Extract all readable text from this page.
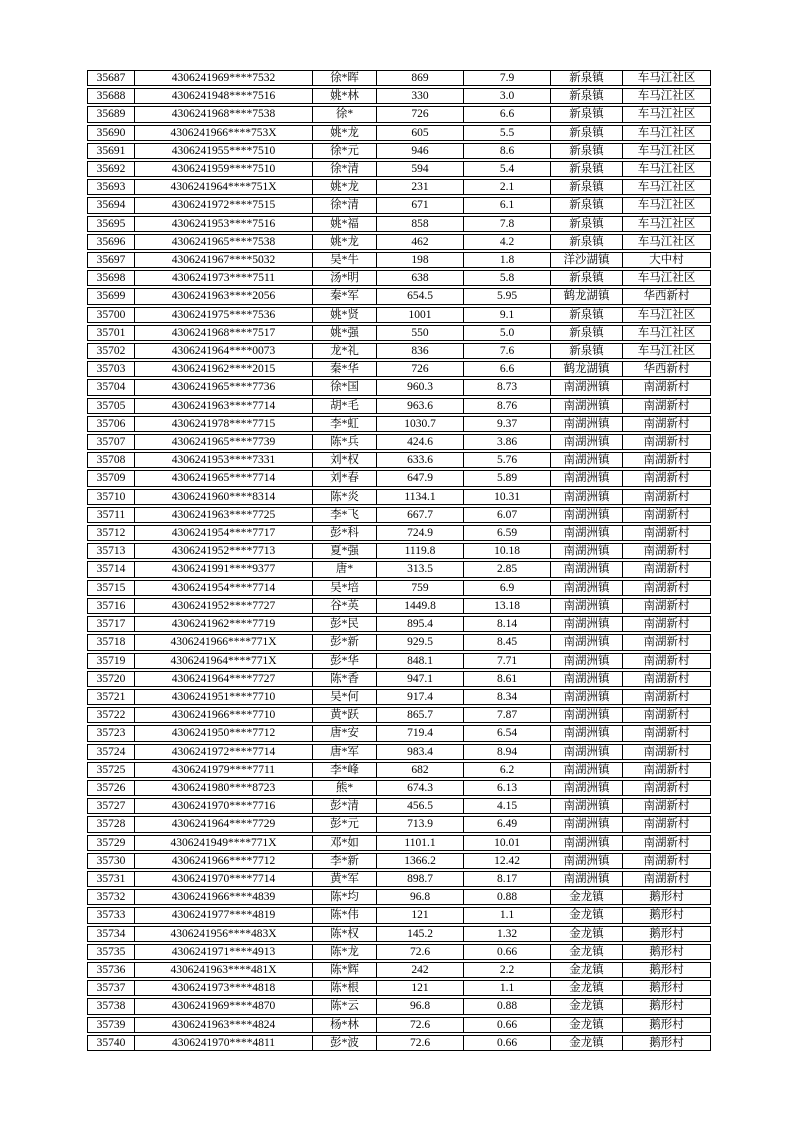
35687	4306241969****7532	徐*晖	869	7.9	新泉镇	车马江社区
35688	4306241948****7516	姚*林	330	3.0	新泉镇	车马江社区
35689	4306241968****7538	徐*	726	6.6	新泉镇	车马江社区
35690	4306241966****753X	姚*龙	605	5.5	新泉镇	车马江社区
35691	4306241955****7510	徐*元	946	8.6	新泉镇	车马江社区
35692	4306241959****7510	徐*清	594	5.4	新泉镇	车马江社区
35693	4306241964****751X	姚*龙	231	2.1	新泉镇	车马江社区
35694	4306241972****7515	徐*清	671	6.1	新泉镇	车马江社区
35695	4306241953****7516	姚*福	858	7.8	新泉镇	车马江社区
35696	4306241965****7538	姚*龙	462	4.2	新泉镇	车马江社区
35697	4306241967****5032	吴*牛	198	1.8	洋沙湖镇	大中村
35698	4306241973****7511	汤*明	638	5.8	新泉镇	车马江社区
35699	4306241963****2056	秦*军	654.5	5.95	鹤龙湖镇	华西新村
35700	4306241975****7536	姚*贤	1001	9.1	新泉镇	车马江社区
35701	4306241968****7517	姚*强	550	5.0	新泉镇	车马江社区
35702	4306241964****0073	龙*礼	836	7.6	新泉镇	车马江社区
35703	4306241962****2015	秦*华	726	6.6	鹤龙湖镇	华西新村
35704	4306241965****7736	徐*国	960.3	8.73	南湖洲镇	南湖新村
35705	4306241963****7714	胡*毛	963.6	8.76	南湖洲镇	南湖新村
35706	4306241978****7715	李*虹	1030.7	9.37	南湖洲镇	南湖新村
35707	4306241965****7739	陈*兵	424.6	3.86	南湖洲镇	南湖新村
35708	4306241953****7331	刘*权	633.6	5.76	南湖洲镇	南湖新村
35709	4306241965****7714	刘*春	647.9	5.89	南湖洲镇	南湖新村
35710	4306241960****8314	陈*炎	1134.1	10.31	南湖洲镇	南湖新村
35711	4306241963****7725	李*飞	667.7	6.07	南湖洲镇	南湖新村
35712	4306241954****7717	彭*科	724.9	6.59	南湖洲镇	南湖新村
35713	4306241952****7713	夏*强	1119.8	10.18	南湖洲镇	南湖新村
35714	4306241991****9377	唐*	313.5	2.85	南湖洲镇	南湖新村
35715	4306241954****7714	吴*培	759	6.9	南湖洲镇	南湖新村
35716	4306241952****7727	谷*英	1449.8	13.18	南湖洲镇	南湖新村
35717	4306241962****7719	彭*民	895.4	8.14	南湖洲镇	南湖新村
35718	4306241966****771X	彭*新	929.5	8.45	南湖洲镇	南湖新村
35719	4306241964****771X	彭*华	848.1	7.71	南湖洲镇	南湖新村
35720	4306241964****7727	陈*香	947.1	8.61	南湖洲镇	南湖新村
35721	4306241951****7710	吴*何	917.4	8.34	南湖洲镇	南湖新村
35722	4306241966****7710	黄*跃	865.7	7.87	南湖洲镇	南湖新村
35723	4306241950****7712	唐*安	719.4	6.54	南湖洲镇	南湖新村
35724	4306241972****7714	唐*军	983.4	8.94	南湖洲镇	南湖新村
35725	4306241979****7711	李*峰	682	6.2	南湖洲镇	南湖新村
35726	4306241980****8723	熊*	674.3	6.13	南湖洲镇	南湖新村
35727	4306241970****7716	彭*清	456.5	4.15	南湖洲镇	南湖新村
35728	4306241964****7729	彭*元	713.9	6.49	南湖洲镇	南湖新村
35729	4306241949****771X	邓*如	1101.1	10.01	南湖洲镇	南湖新村
35730	4306241966****7712	李*新	1366.2	12.42	南湖洲镇	南湖新村
35731	4306241970****7714	黄*军	898.7	8.17	南湖洲镇	南湖新村
35732	4306241966****4839	陈*均	96.8	0.88	金龙镇	鹅形村
35733	4306241977****4819	陈*伟	121	1.1	金龙镇	鹅形村
35734	4306241956****483X	陈*权	145.2	1.32	金龙镇	鹅形村
35735	4306241971****4913	陈*龙	72.6	0.66	金龙镇	鹅形村
35736	4306241963****481X	陈*辉	242	2.2	金龙镇	鹅形村
35737	4306241973****4818	陈*根	121	1.1	金龙镇	鹅形村
35738	4306241969****4870	陈*云	96.8	0.88	金龙镇	鹅形村
35739	4306241963****4824	杨*林	72.6	0.66	金龙镇	鹅形村
35740	4306241970****4811	彭*波	72.6	0.66	金龙镇	鹅形村
